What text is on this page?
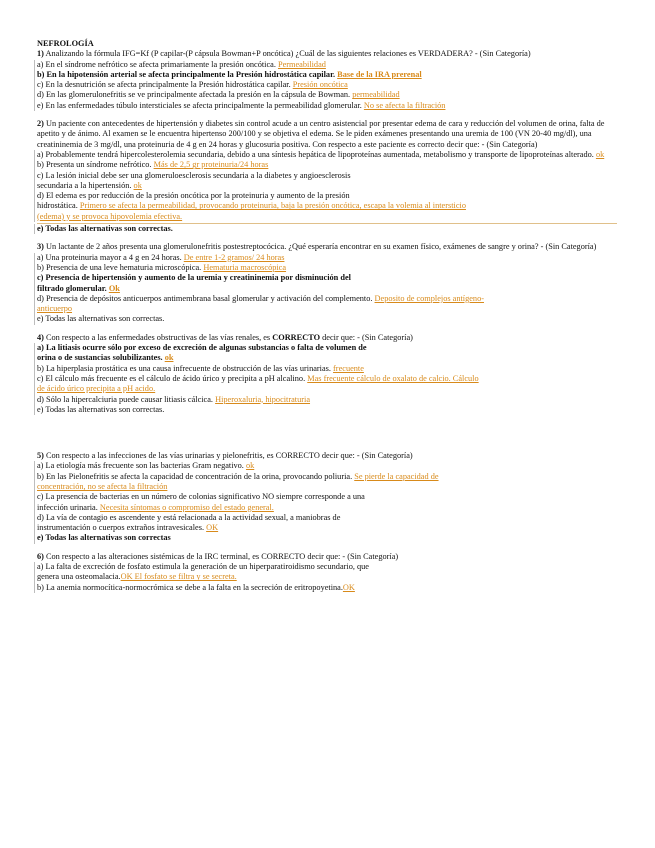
NEFROLOGÍA

1) Analizando la fórmula IFG=Kf (P capilar-(P cápsula Bowman+P oncótica) ¿Cuál de las siguientes relaciones es VERDADERA? - (Sin Categoría)

a) En el síndrome nefrótico se afecta primariamente la presión oncótica. Permeabilidad

b) En la hipotensión arterial se afecta principalmente la Presión hidrostática capilar. Base de la IRA prerenal

c) En la desnutrición se afecta principalmente la Presión hidrostática capilar. Presión oncótica

d) En las glomerulonefritis se ve principalmente afectada la presión en la cápsula de Bowman. permeabilidad

e) En las enfermedades túbulo intersticiales se afecta principalmente la permeabilidad glomerular. No se afecta la filtración

2) Un paciente con antecedentes de hipertensión y diabetes sin control acude a un centro asistencial por presentar edema de cara y reducción del volumen de orina, falta de apetito y de ánimo. Al examen se le encuentra hipertenso 200/100 y se objetiva el edema. Se le piden exámenes presentando una uremia de 100 (VN 20-40 mg/dl), una creatininemia de 3 mg/dl, una proteinuria de 4 g en 24 horas y glucosuria positiva. Con respecto a este paciente es correcto decir que: - (Sin Categoría)

a) Probablemente tendrá hipercolesterolemia secundaria, debido a una síntesis hepática de lipoproteínas aumentada, metabolismo y transporte de lipoproteínas alterado. ok

b) Presenta un síndrome nefrótico. Más de 2,5 gr proteinuria/24 horas

c) La lesión inicial debe ser una glomeruloesclerosis secundaria a la diabetes y angioesclerosis
secundaria a la hipertensión. ok

d) El edema es por reducción de la presión oncótica por la proteinuria y aumento de la presión
hidrostática. Primero se afecta la permeabilidad, provocando proteinuria, baja la presión oncótica, escapa la volemia al intersticio
(edema) y se provoca hipovolemia efectiva.

e) Todas las alternativas son correctas.

3) Un lactante de 2 años presenta una glomerulonefritis postestreptocócica. ¿Qué esperaría encontrar en su examen físico, exámenes de sangre y orina? - (Sin Categoría)

a) Una proteinuria mayor a 4 g en 24 horas. De entre 1-2 gramos/ 24 horas

b) Presencia de una leve hematuria microscópica. Hematuria macroscópica

c) Presencia de hipertensión y aumento de la uremia y creatininemia por disminución del
filtrado glomerular. Ok

d) Presencia de depósitos anticuerpos antimembrana basal glomerular y activación del complemento. Deposito de complejos antígeno-
anticuerpo

e) Todas las alternativas son correctas.

4) Con respecto a las enfermedades obstructivas de las vías renales, es CORRECTO decir que: - (Sin Categoría)

a) La litiasis ocurre sólo por exceso de excreción de algunas substancias o falta de volumen de
orina o de sustancias solubilizantes. ok

b) La hiperplasia prostática es una causa infrecuente de obstrucción de las vías urinarias. frecuente

c) El cálculo más frecuente es el cálculo de ácido úrico y precipita a pH alcalino. Mas frecuente cálculo de oxalato de calcio. Cálculo
de ácido úrico precipita a pH acido.

d) Sólo la hipercalciuria puede causar litiasis cálcica. Hiperoxaluria, hipocitraturia

e) Todas las alternativas son correctas.

5) Con respecto a las infecciones de las vías urinarias y pielonefritis, es CORRECTO decir que: - (Sin Categoría)

a) La etiología más frecuente son las bacterias Gram negativo. ok

b) En las Pielonefritis se afecta la capacidad de concentración de la orina, provocando poliuria. Se pierde la capacidad de
concentración, no se afecta la filtración

c) La presencia de bacterias en un número de colonias significativo NO siempre corresponde a una
infección urinaria. Necesita síntomas o compromiso del estado general.

d) La vía de contagio es ascendente y está relacionada a la actividad sexual, a maniobras de
instrumentación o cuerpos extraños intravesicales. OK

e) Todas las alternativas son correctas

6) Con respecto a las alteraciones sistémicas de la IRC terminal, es CORRECTO decir que: - (Sin Categoría)

a) La falta de excreción de fosfato estimula la generación de un hiperparatiroidismo secundario, que
genera una osteomalacia.OK El fosfato se filtra y se secreta.

b) La anemia normocítica-normocrómica se debe a la falta en la secreción de eritropoyetina.OK
